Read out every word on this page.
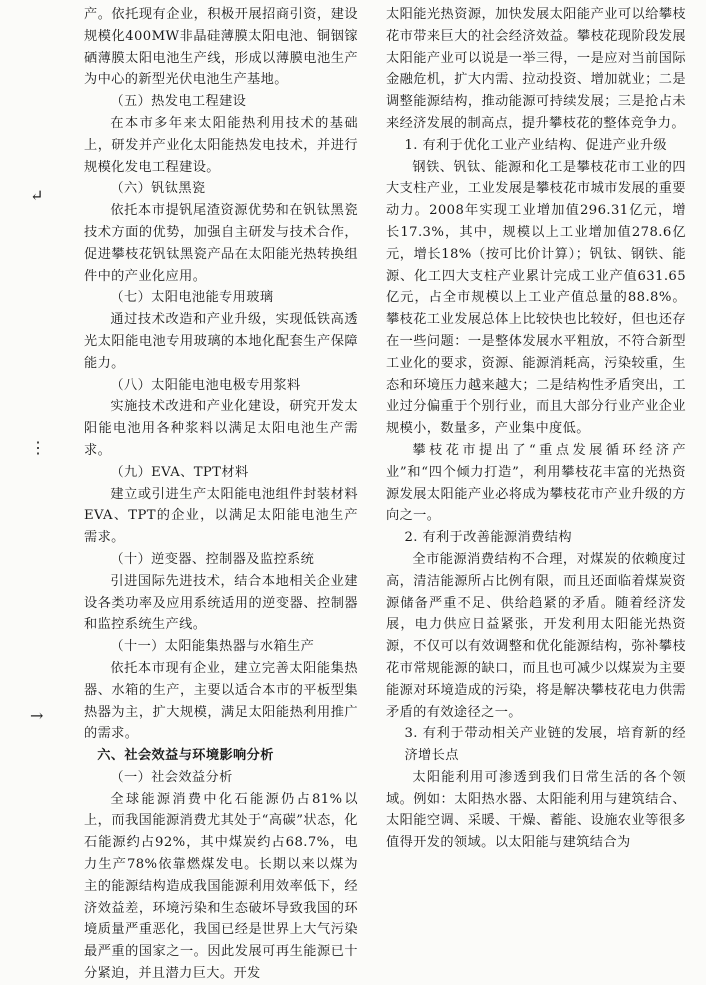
产。依托现有企业，积极开展招商引资，建设规模化400MW非晶硅薄膜太阳电池、铜铟镓硒薄膜太阳电池生产线，形成以薄膜电池生产为中心的新型光伏电池生产基地。

（五）热发电工程建设

在本市多年来太阳能热利用技术的基础上，研发并产业化太阳能热发电技术，并进行规模化发电工程建设。

（六）钒钛黑瓷

依托本市提钒尾渣资源优势和在钒钛黑瓷技术方面的优势，加强自主研发与技术合作，促进攀枝花钒钛黑瓷产品在太阳能光热转换组件中的产业化应用。

（七）太阳电池能专用玻璃

通过技术改造和产业升级，实现低铁高透光太阳能电池专用玻璃的本地化配套生产保障能力。

（八）太阳能电池电极专用浆料

实施技术改进和产业化建设，研究开发太阳能电池用各种浆料以满足太阳电池生产需求。

（九）EVA、TPT材料

建立或引进生产太阳能电池组件封装材料EVA、TPT的企业，以满足太阳能电池生产需求。

（十）逆变器、控制器及监控系统

引进国际先进技术，结合本地相关企业建设各类功率及应用系统适用的逆变器、控制器和监控系统生产线。

（十一）太阳能集热器与水箱生产

依托本市现有企业，建立完善太阳能集热器、水箱的生产，主要以适合本市的平板型集热器为主，扩大规模，满足太阳能热利用推广的需求。

六、社会效益与环境影响分析

（一）社会效益分析

全球能源消费中化石能源仍占81%以上，而我国能源消费尤其处于“高碳”状态，化石能源约占92%，其中煤炭约占68.7%，电力生产78%依靠燃煤发电。长期以来以煤为主的能源结构造成我国能源利用效率低下，经济效益差，环境污染和生态破坏导致我国的环境质量严重恶化，我国已经是世界上大气污染最严重的国家之一。因此发展可再生能源已十分紧迫，并且潜力巨大。开发

太阳能光热资源，加快发展太阳能产业可以给攀枝花市带来巨大的社会经济效益。攀枝花现阶段发展太阳能产业可以说是一举三得，一是应对当前国际金融危机，扩大内需、拉动投资、增加就业；二是调整能源结构，推动能源可持续发展；三是抢占未来经济发展的制高点，提升攀枝花的整体竞争力。

1. 有利于优化工业产业结构、促进产业升级

钢铁、钒钛、能源和化工是攀枝花市工业的四大支柱产业，工业发展是攀枝花市城市发展的重要动力。2008年实现工业增加值296.31亿元，增长17.3%，其中，规模以上工业增加值278.6亿元，增长18%（按可比价计算）；钒钛、钢铁、能源、化工四大支柱产业累计完成工业产值631.65亿元，占全市规模以上工业产值总量的88.8%。攀枝花工业发展总体上比较快也比较好，但也还存在一些问题：一是整体发展水平粗放，不符合新型工业化的要求，资源、能源消耗高，污染较重，生态和环境压力越来越大；二是结构性矛盾突出，工业过分偏重于个别行业，而且大部分行业产业企业规模小，数量多，产业集中度低。

攀枝花市提出了“重点发展循环经济产业”和“四个倾力打造”，利用攀枝花丰富的光热资源发展太阳能产业必将成为攀枝花市产业升级的方向之一。

2. 有利于改善能源消费结构

全市能源消费结构不合理，对煤炭的依赖度过高，清洁能源所占比例有限，而且还面临着煤炭资源储备严重不足、供给趋紧的矛盾。随着经济发展，电力供应日益紧张，开发利用太阳能光热资源，不仅可以有效调整和优化能源结构，弥补攀枝花市常规能源的缺口，而且也可减少以煤炭为主要能源对环境造成的污染，将是解决攀枝花电力供需矛盾的有效途径之一。

3. 有利于带动相关产业链的发展，培育新的经济增长点

太阳能利用可渗透到我们日常生活的各个领域。例如：太阳热水器、太阳能利用与建筑结合、太阳能空调、采暖、干燥、蓄能、设施农业等很多值得开发的领域。以太阳能与建筑结合为

↵
⋮
→
